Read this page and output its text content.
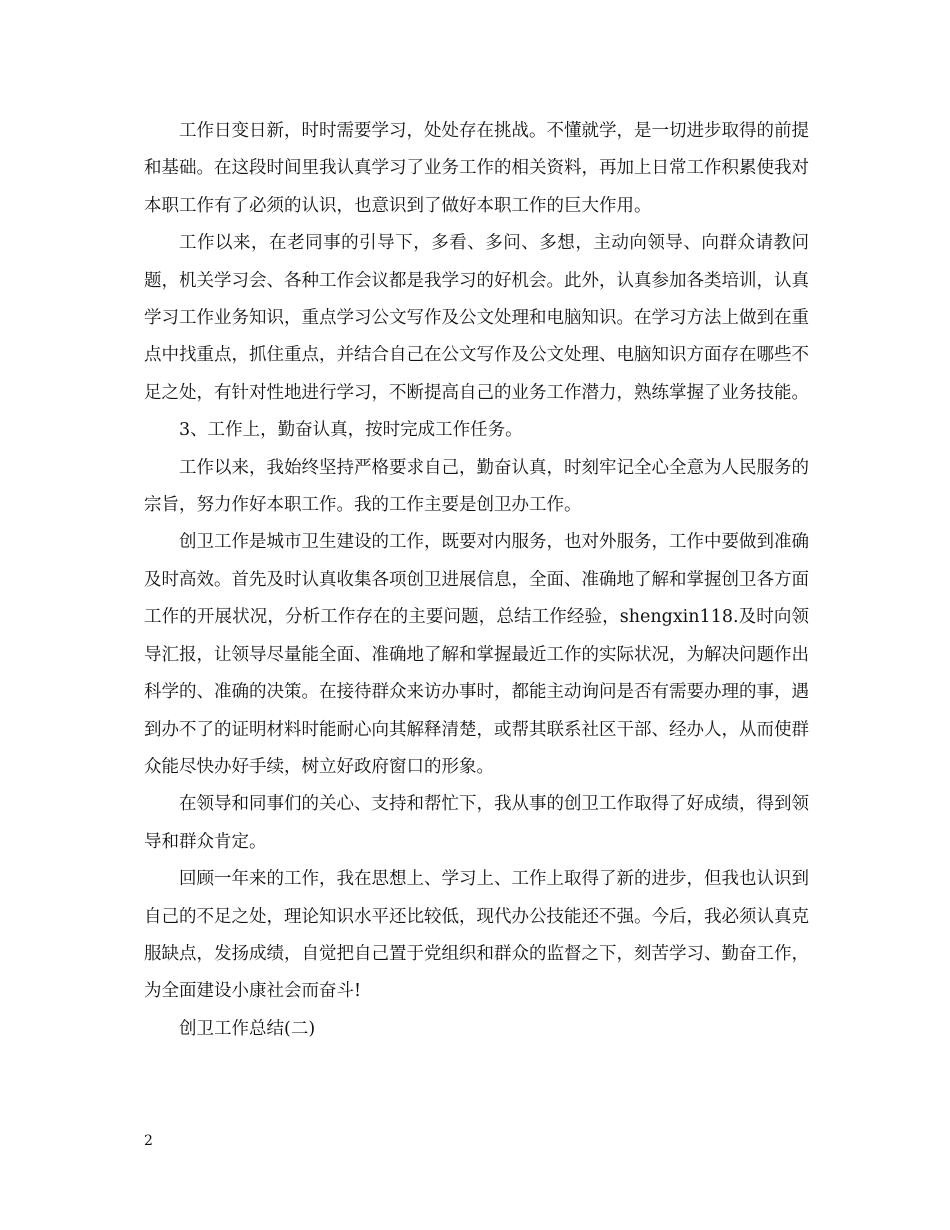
工作日变日新，时时需要学习，处处存在挑战。不懂就学，是一切进步取得的前提和基础。在这段时间里我认真学习了业务工作的相关资料，再加上日常工作积累使我对本职工作有了必须的认识，也意识到了做好本职工作的巨大作用。

工作以来，在老同事的引导下，多看、多问、多想，主动向领导、向群众请教问题，机关学习会、各种工作会议都是我学习的好机会。此外，认真参加各类培训，认真学习工作业务知识，重点学习公文写作及公文处理和电脑知识。在学习方法上做到在重点中找重点，抓住重点，并结合自己在公文写作及公文处理、电脑知识方面存在哪些不足之处，有针对性地进行学习，不断提高自己的业务工作潜力，熟练掌握了业务技能。

3、工作上，勤奋认真，按时完成工作任务。

工作以来，我始终坚持严格要求自己，勤奋认真，时刻牢记全心全意为人民服务的宗旨，努力作好本职工作。我的工作主要是创卫办工作。

创卫工作是城市卫生建设的工作，既要对内服务，也对外服务，工作中要做到准确及时高效。首先及时认真收集各项创卫进展信息，全面、准确地了解和掌握创卫各方面工作的开展状况，分析工作存在的主要问题，总结工作经验，shengxin118.及时向领导汇报，让领导尽量能全面、准确地了解和掌握最近工作的实际状况，为解决问题作出科学的、准确的决策。在接待群众来访办事时，都能主动询问是否有需要办理的事，遇到办不了的证明材料时能耐心向其解释清楚，或帮其联系社区干部、经办人，从而使群众能尽快办好手续，树立好政府窗口的形象。

在领导和同事们的关心、支持和帮忙下，我从事的创卫工作取得了好成绩，得到领导和群众肯定。

回顾一年来的工作，我在思想上、学习上、工作上取得了新的进步，但我也认识到自己的不足之处，理论知识水平还比较低，现代办公技能还不强。今后，我必须认真克服缺点，发扬成绩，自觉把自己置于党组织和群众的监督之下，刻苦学习、勤奋工作，为全面建设小康社会而奋斗!

创卫工作总结(二)

2
